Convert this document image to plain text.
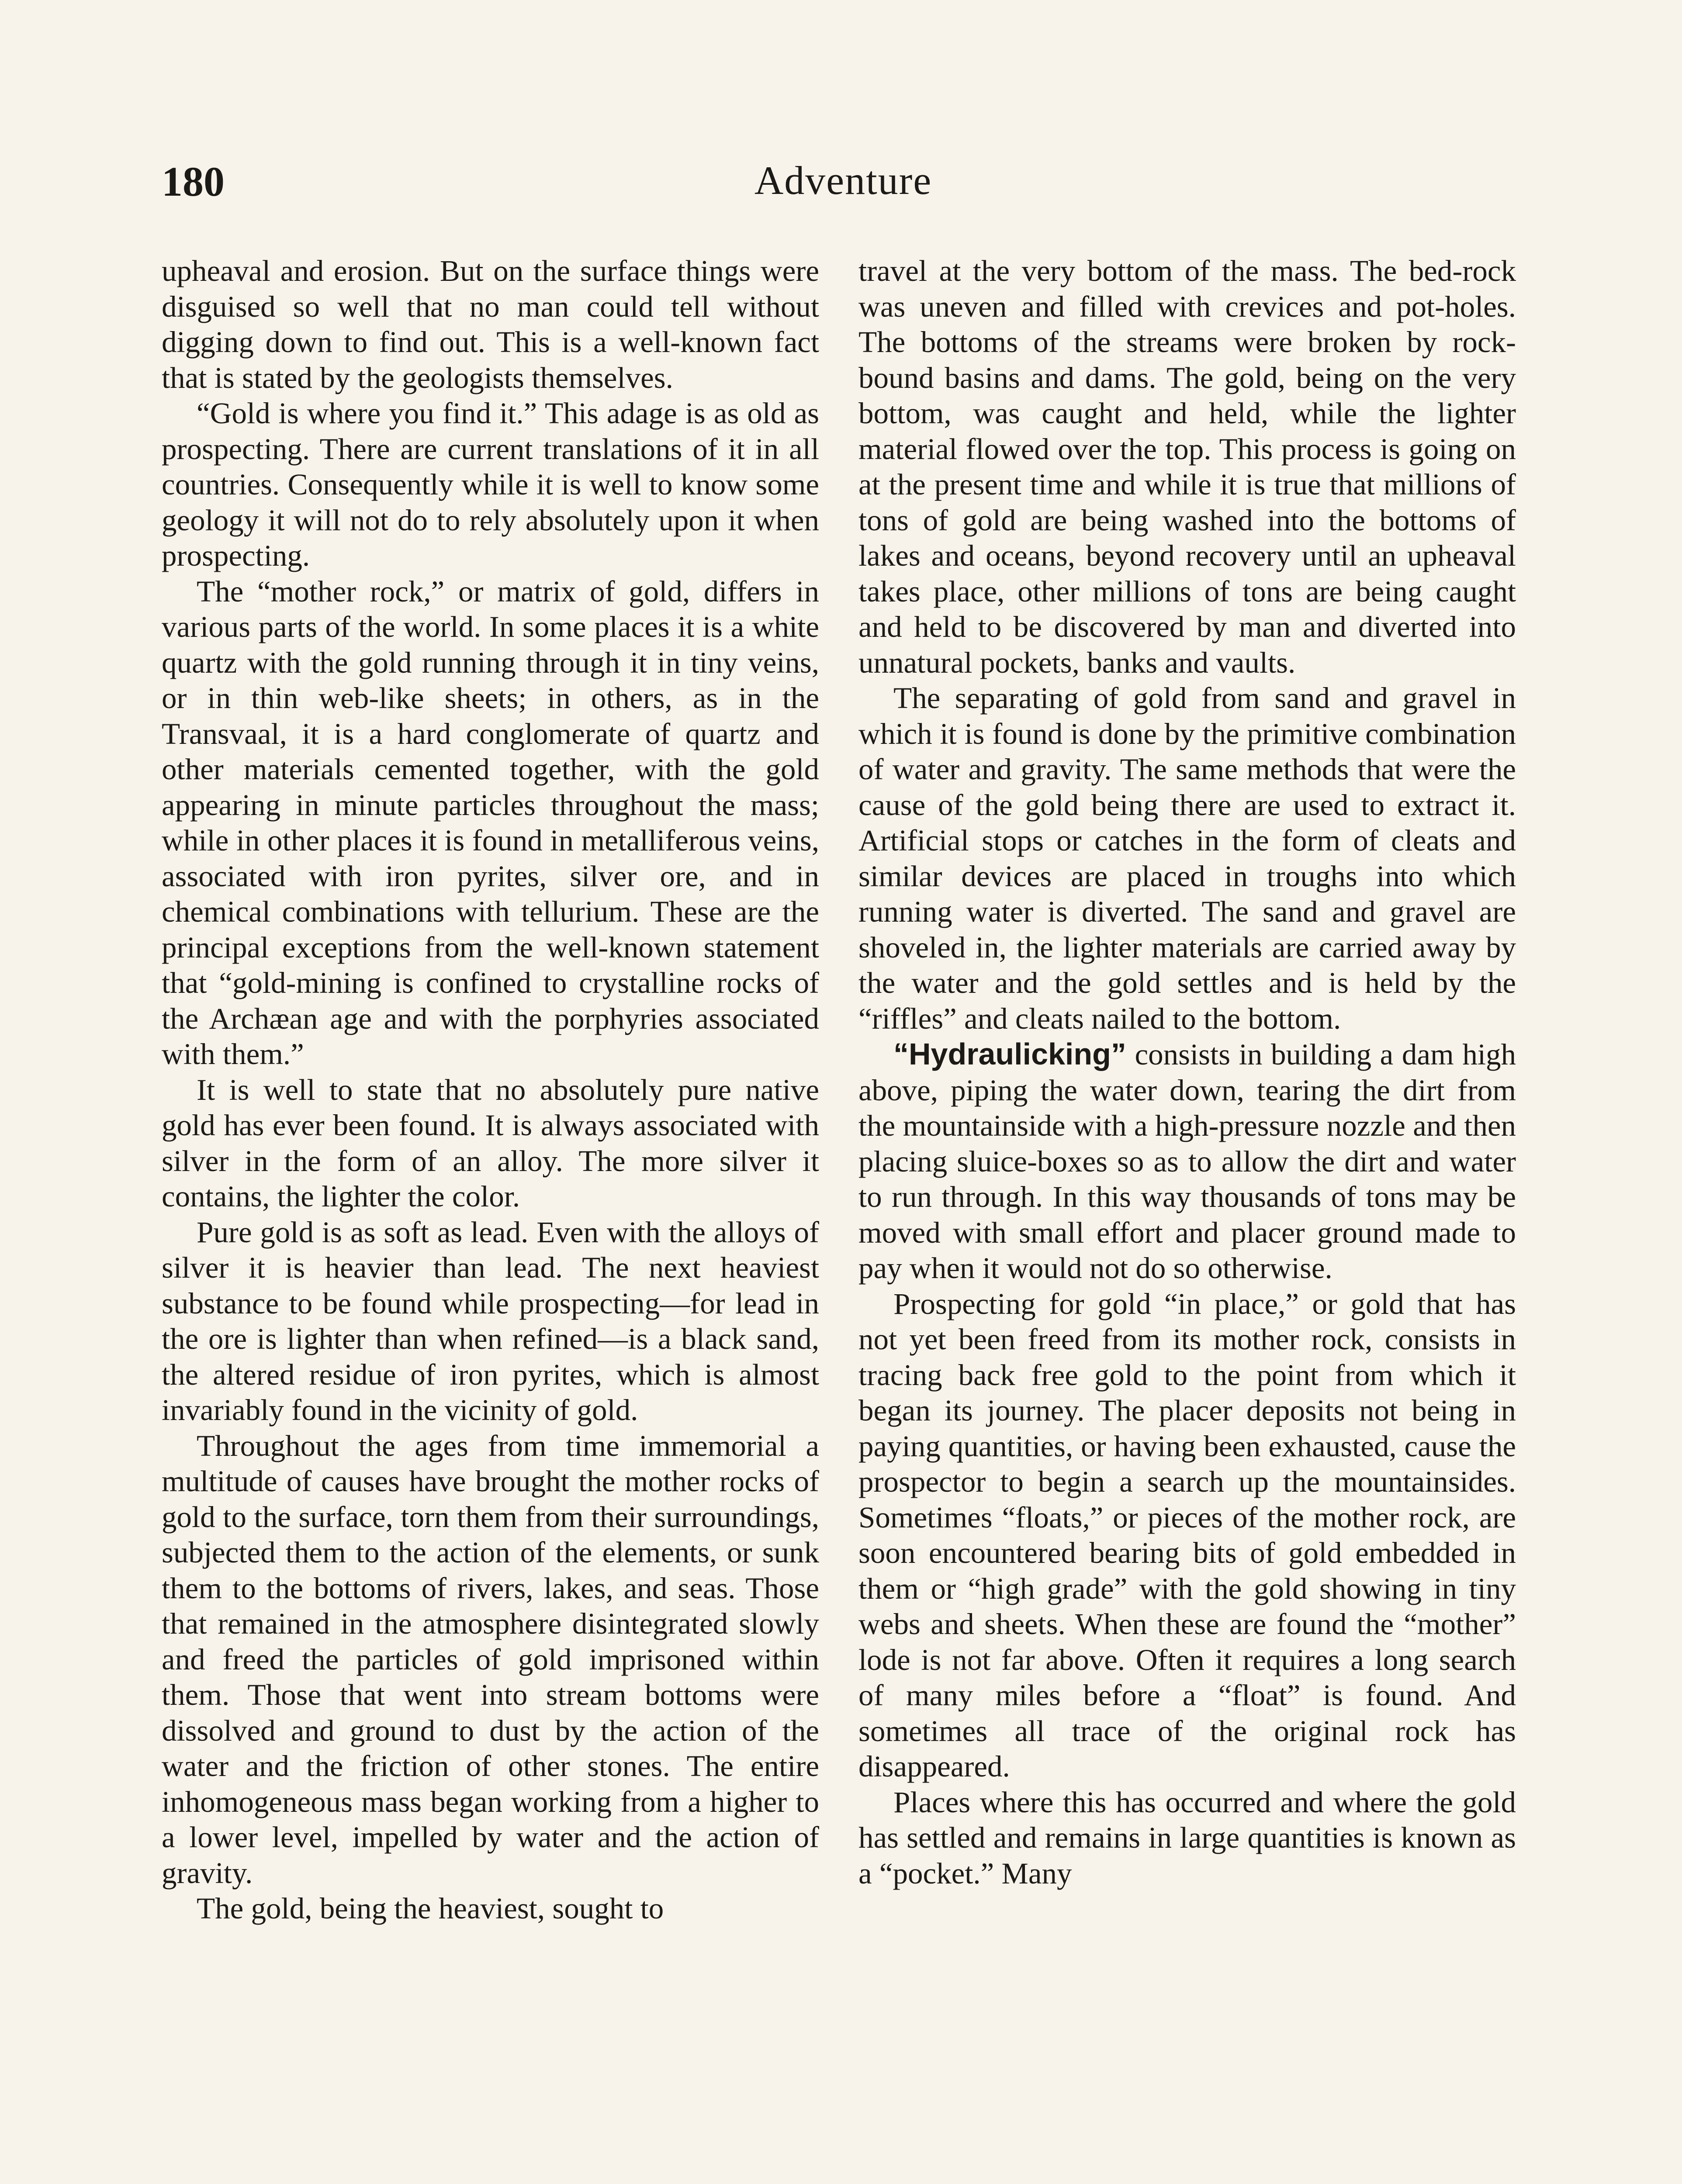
180	Adventure

upheaval and erosion. But on the surface things were disguised so well that no man could tell without digging down to find out. This is a well-known fact that is stated by the geologists themselves.

“Gold is where you find it.” This adage is as old as prospecting. There are current translations of it in all countries. Consequently while it is well to know some geology it will not do to rely absolutely upon it when prospecting.

The “mother rock,” or matrix of gold, differs in various parts of the world. In some places it is a white quartz with the gold running through it in tiny veins, or in thin web-like sheets; in others, as in the Transvaal, it is a hard conglomerate of quartz and other materials cemented together, with the gold appearing in minute particles throughout the mass; while in other places it is found in metalliferous veins, associated with iron pyrites, silver ore, and in chemical combinations with tellurium. These are the principal exceptions from the well-known statement that “gold-mining is confined to crystalline rocks of the Archæan age and with the porphyries associated with them.”

It is well to state that no absolutely pure native gold has ever been found. It is always associated with silver in the form of an alloy. The more silver it contains, the lighter the color.

Pure gold is as soft as lead. Even with the alloys of silver it is heavier than lead. The next heaviest substance to be found while prospecting—for lead in the ore is lighter than when refined—is a black sand, the altered residue of iron pyrites, which is almost invariably found in the vicinity of gold.

Throughout the ages from time immemorial a multitude of causes have brought the mother rocks of gold to the surface, torn them from their surroundings, subjected them to the action of the elements, or sunk them to the bottoms of rivers, lakes, and seas. Those that remained in the atmosphere disintegrated slowly and freed the particles of gold imprisoned within them. Those that went into stream bottoms were dissolved and ground to dust by the action of the water and the friction of other stones. The entire inhomogeneous mass began working from a higher to a lower level, impelled by water and the action of gravity.

The gold, being the heaviest, sought to

travel at the very bottom of the mass. The bed-rock was uneven and filled with crevices and pot-holes. The bottoms of the streams were broken by rock-bound basins and dams. The gold, being on the very bottom, was caught and held, while the lighter material flowed over the top. This process is going on at the present time and while it is true that millions of tons of gold are being washed into the bottoms of lakes and oceans, beyond recovery until an upheaval takes place, other millions of tons are being caught and held to be discovered by man and diverted into unnatural pockets, banks and vaults.

The separating of gold from sand and gravel in which it is found is done by the primitive combination of water and gravity. The same methods that were the cause of the gold being there are used to extract it. Artificial stops or catches in the form of cleats and similar devices are placed in troughs into which running water is diverted. The sand and gravel are shoveled in, the lighter materials are carried away by the water and the gold settles and is held by the “riffles” and cleats nailed to the bottom.

“Hydraulicking” consists in building a dam high above, piping the water down, tearing the dirt from the mountainside with a high-pressure nozzle and then placing sluice-boxes so as to allow the dirt and water to run through. In this way thousands of tons may be moved with small effort and placer ground made to pay when it would not do so otherwise.

Prospecting for gold “in place,” or gold that has not yet been freed from its mother rock, consists in tracing back free gold to the point from which it began its journey. The placer deposits not being in paying quantities, or having been exhausted, cause the prospector to begin a search up the mountainsides. Sometimes “floats,” or pieces of the mother rock, are soon encountered bearing bits of gold embedded in them or “high grade” with the gold showing in tiny webs and sheets. When these are found the “mother” lode is not far above. Often it requires a long search of many miles before a “float” is found. And sometimes all trace of the original rock has disappeared.

Places where this has occurred and where the gold has settled and remains in large quantities is known as a “pocket.” Many
